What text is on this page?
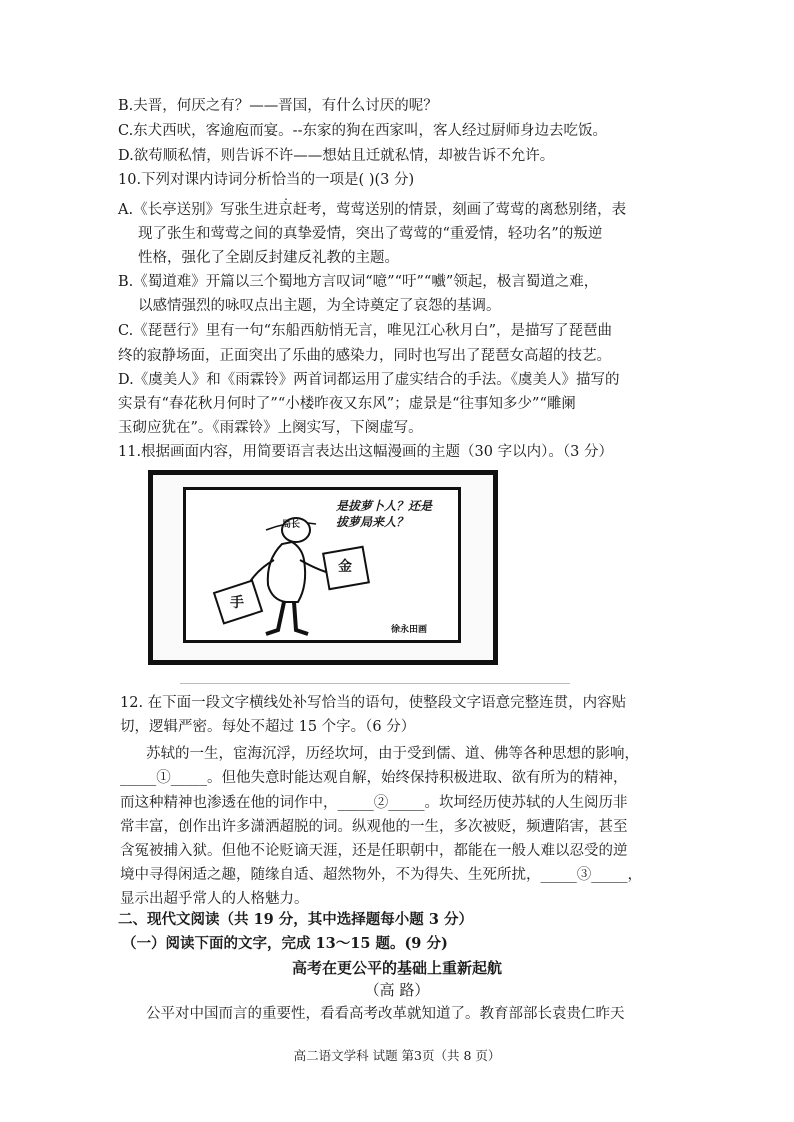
B.夫晋，何厌之有？——晋国，有什么讨厌的呢？
C.东犬西吠，客逾庖而宴。--东家的狗在西家叫，客人经过厨师身边去吃饭。
D.欲苟顺私情，则告诉不许——想姑且迁就私情，却被告诉不允许。
10.下列对课内诗词分析恰当的一项是( )(3 分)
A.《长亭送别》写张生进京赶考，莺莺送别的情景，刻画了莺莺的离愁别绪，表
现了张生和莺莺之间的真挚爱情，突出了莺莺的“重爱情，轻功名”的叛逆
性格，强化了全剧反封建反礼教的主题。
B.《蜀道难》开篇以三个蜀地方言叹词“噫”“吁”“嚱”领起，极言蜀道之难，
以感情强烈的咏叹点出主题，为全诗奠定了哀怨的基调。
C.《琵琶行》里有一句“东船西舫悄无言，唯见江心秋月白”，是描写了琵琶曲
终的寂静场面，正面突出了乐曲的感染力，同时也写出了琵琶女高超的技艺。
D.《虞美人》和《雨霖铃》两首词都运用了虚实结合的手法。《虞美人》描写的
实景有“春花秋月何时了”“小楼昨夜又东风”；虚景是“往事知多少”“雕阑
玉砌应犹在”。《雨霖铃》上阕实写，下阕虚写。
11.根据画面内容，用简要语言表达出这幅漫画的主题（30 字以内）。（3 分）
是拔萝卜人？还是
拔萝局来人？
局长
手
金
徐永田画
12. 在下面一段文字横线处补写恰当的语句，使整段文字语意完整连贯，内容贴
切，逻辑严密。每处不超过 15 个字。（6 分）
苏轼的一生，宦海沉浮，历经坎坷，由于受到儒、道、佛等各种思想的影响，
_____①_____。但他失意时能达观自解，始终保持积极进取、欲有所为的精神，
而这种精神也渗透在他的词作中，_____②_____。坎坷经历使苏轼的人生阅历非
常丰富，创作出许多潇洒超脱的词。纵观他的一生，多次被贬，频遭陷害，甚至
含冤被捕入狱。但他不论贬谪天涯，还是任职朝中，都能在一般人难以忍受的逆
境中寻得闲适之趣，随缘自适、超然物外，不为得失、生死所扰，_____③_____，
显示出超乎常人的人格魅力。
二、现代文阅读（共 19 分，其中选择题每小题 3 分）
（一）阅读下面的文字，完成 13～15 题。(9 分)
高考在更公平的基础上重新起航
（高 路）
公平对中国而言的重要性，看看高考改革就知道了。教育部部长袁贵仁昨天
高二语文学科 试题 第3页（共 8 页）
